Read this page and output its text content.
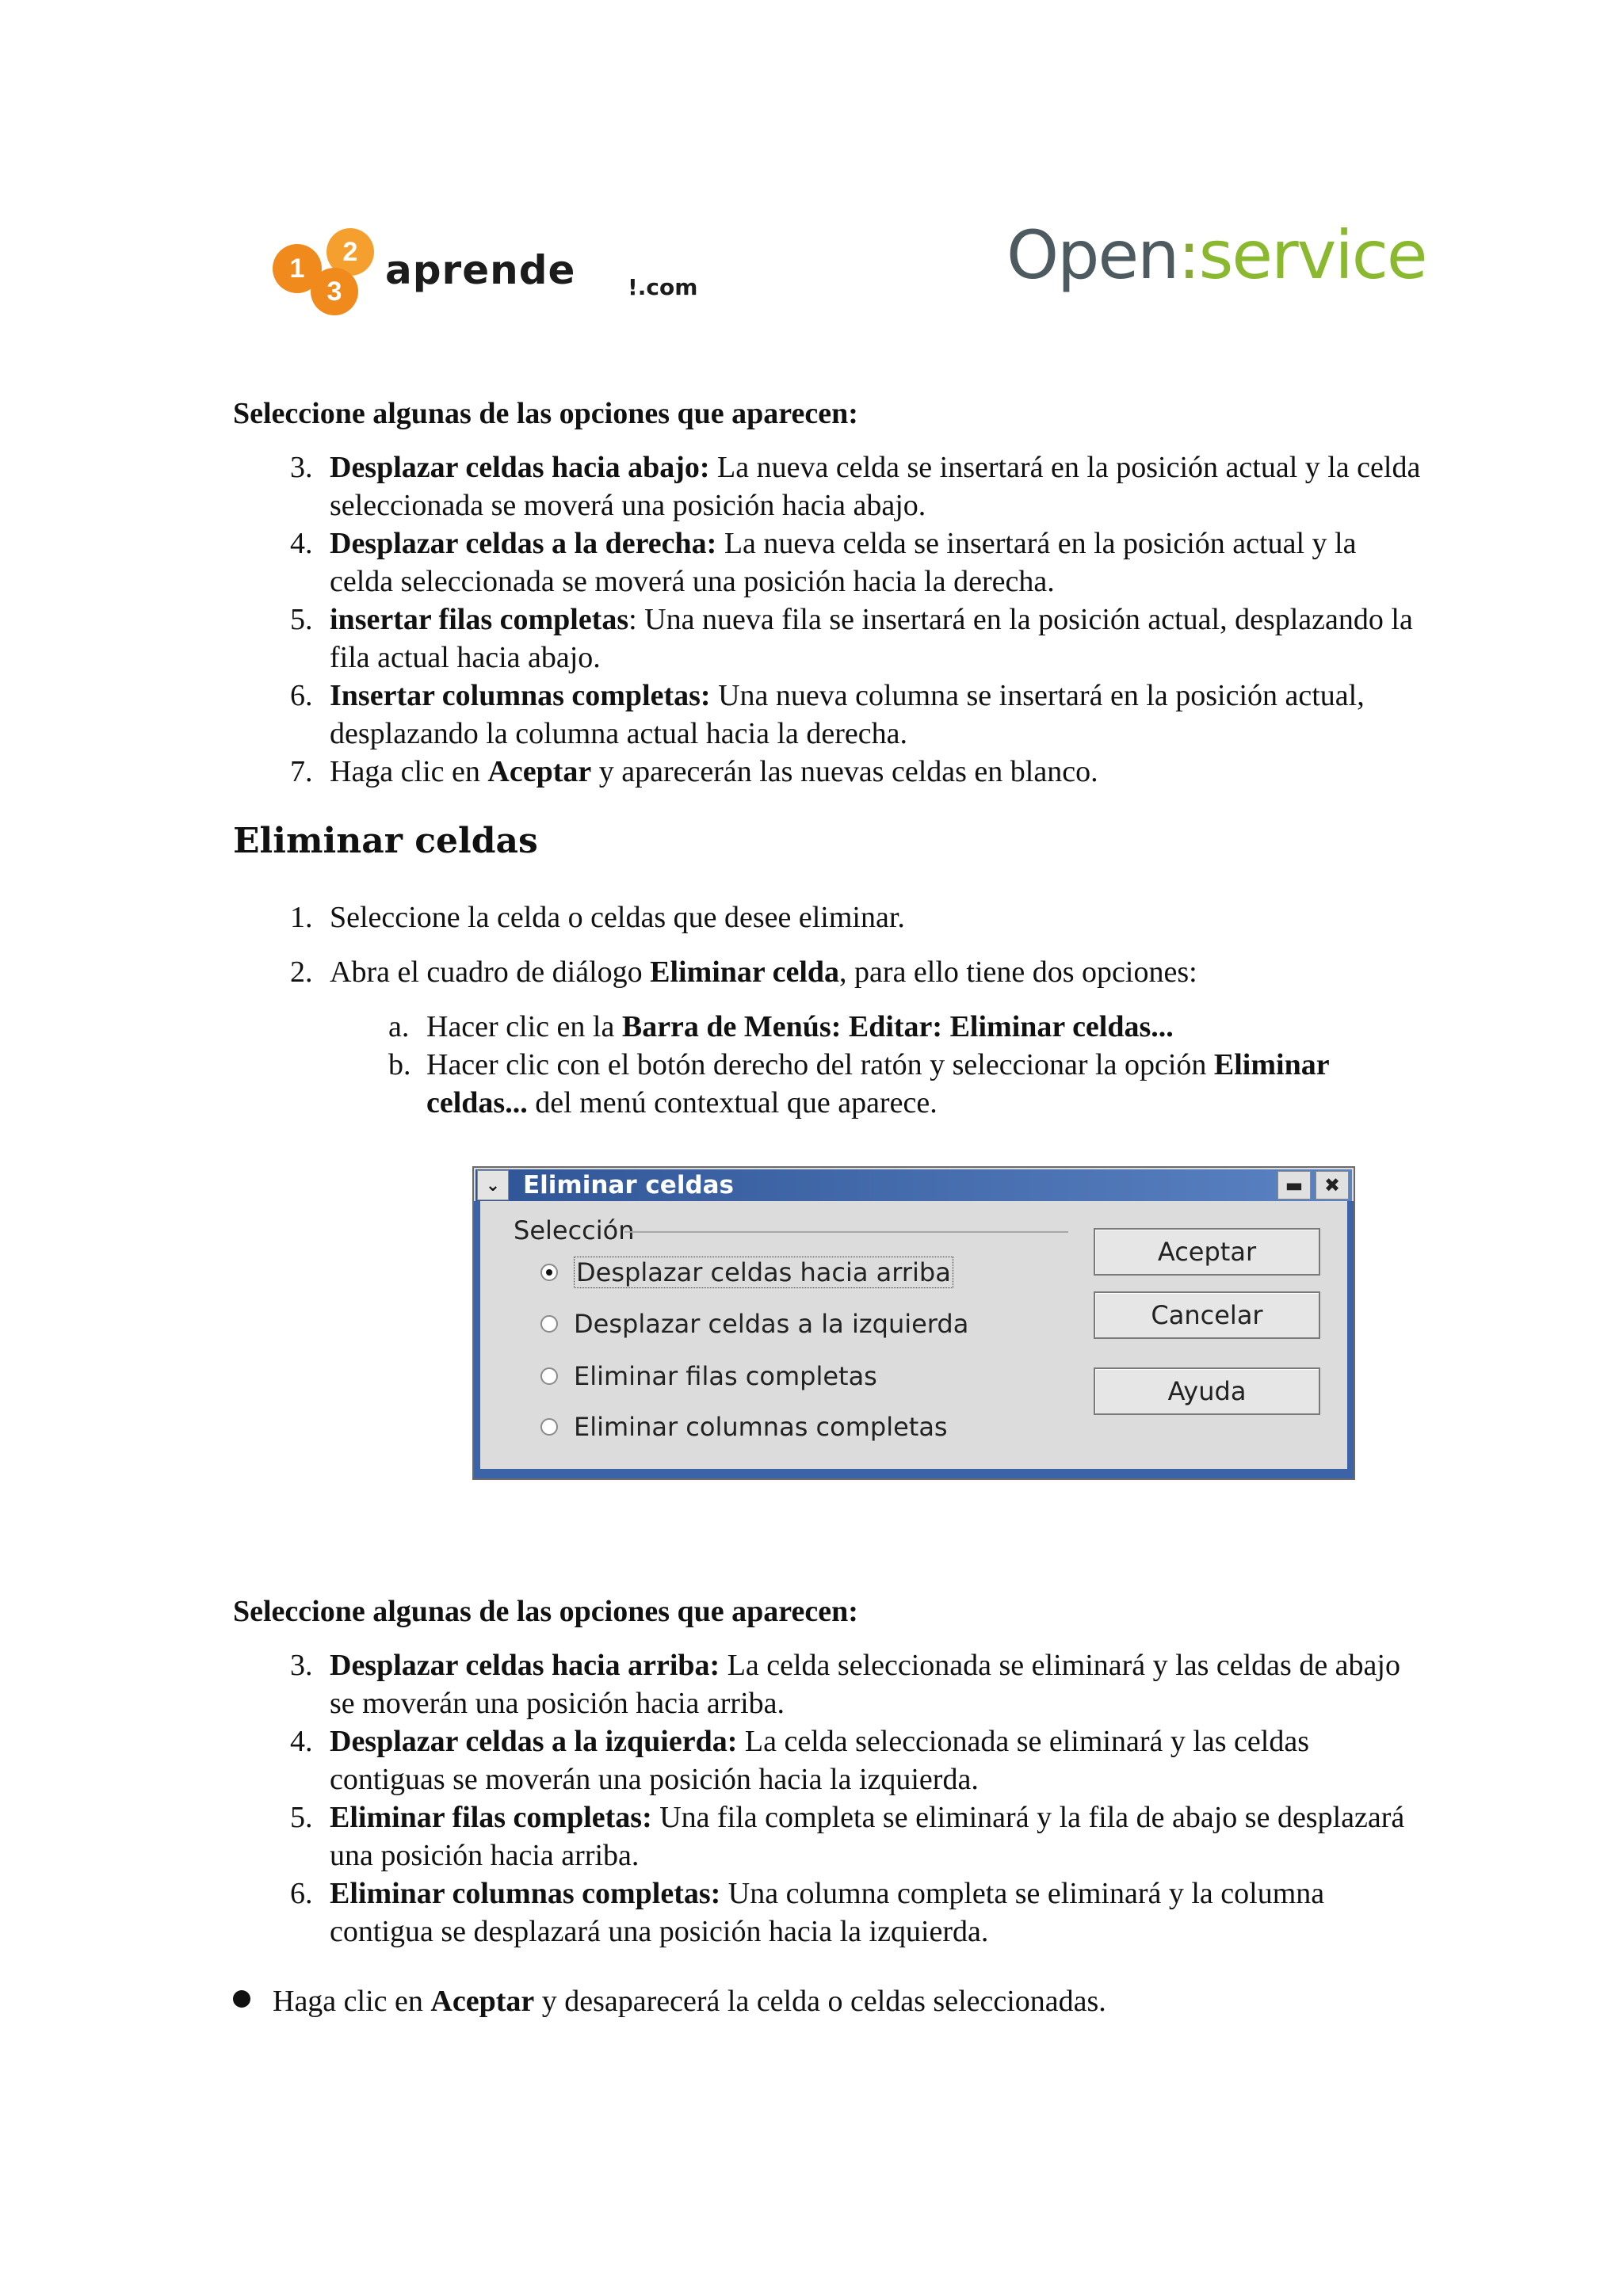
1
2
3	aprende !.com	Open:service
Seleccione algunas de las opciones que aparecen:
3. Desplazar celdas hacia abajo: La nueva celda se insertará en la posición actual y la celda seleccionada se moverá una posición hacia abajo.
4. Desplazar celdas a la derecha: La nueva celda se insertará en la posición actual y la celda seleccionada se moverá una posición hacia la derecha.
5. insertar filas completas: Una nueva fila se insertará en la posición actual, desplazando la fila actual hacia abajo.
6. Insertar columnas completas: Una nueva columna se insertará en la posición actual, desplazando la columna actual hacia la derecha.
7. Haga clic en Aceptar y aparecerán las nuevas celdas en blanco.
Eliminar celdas
1. Seleccione la celda o celdas que desee eliminar.
2. Abra el cuadro de diálogo Eliminar celda, para ello tiene dos opciones:
a. Hacer clic en la Barra de Menús: Editar: Eliminar celdas...
b. Hacer clic con el botón derecho del ratón y seleccionar la opción Eliminar celdas... del menú contextual que aparece.
⌄ Eliminar celdas	▬	✖
Selección
Desplazar celdas hacia arriba
Desplazar celdas a la izquierda
Eliminar filas completas
Eliminar columnas completas
Aceptar
Cancelar
Ayuda
Seleccione algunas de las opciones que aparecen:
3. Desplazar celdas hacia arriba: La celda seleccionada se eliminará y las celdas de abajo se moverán una posición hacia arriba.
4. Desplazar celdas a la izquierda: La celda seleccionada se eliminará y las celdas contiguas se moverán una posición hacia la izquierda.
5. Eliminar filas completas: Una fila completa se eliminará y la fila de abajo se desplazará una posición hacia arriba.
6. Eliminar columnas completas: Una columna completa se eliminará y la columna contigua se desplazará una posición hacia la izquierda.
Haga clic en Aceptar y desaparecerá la celda o celdas seleccionadas.
